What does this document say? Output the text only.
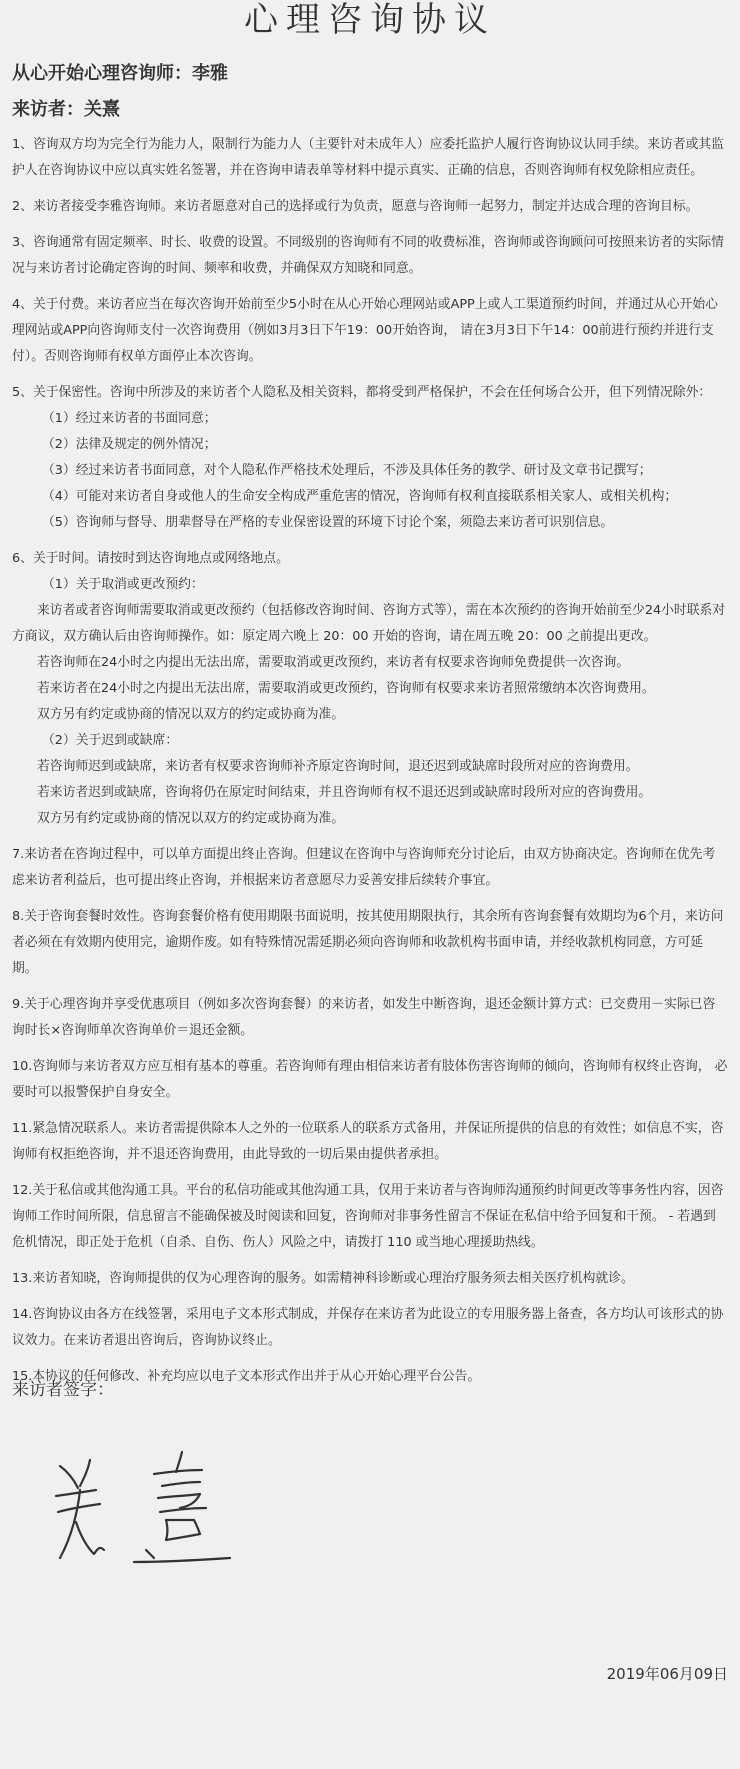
心理咨询协议
从心开始心理咨询师：李雅
来访者：关熹
1、咨询双方均为完全行为能力人，限制行为能力人（主要针对未成年人）应委托监护人履行咨询协议认同手续。来访者或其监护人在咨询协议中应以真实姓名签署，并在咨询申请表单等材料中提示真实、正确的信息，否则咨询师有权免除相应责任。
2、来访者接受李雅咨询师。来访者愿意对自己的选择或行为负责，愿意与咨询师一起努力，制定并达成合理的咨询目标。
3、咨询通常有固定频率、时长、收费的设置。不同级别的咨询师有不同的收费标准，咨询师或咨询顾问可按照来访者的实际情况与来访者讨论确定咨询的时间、频率和收费，并确保双方知晓和同意。
4、关于付费。来访者应当在每次咨询开始前至少5小时在从心开始心理网站或APP上或人工渠道预约时间，并通过从心开始心理网站或APP向咨询师支付一次咨询费用（例如3月3日下午19：00开始咨询， 请在3月3日下午14：00前进行预约并进行支付）。否则咨询师有权单方面停止本次咨询。
5、关于保密性。咨询中所涉及的来访者个人隐私及相关资料，都将受到严格保护，不会在任何场合公开，但下列情况除外：
（1）经过来访者的书面同意；
（2）法律及规定的例外情况；
（3）经过来访者书面同意，对个人隐私作严格技术处理后，不涉及具体任务的教学、研讨及文章书记撰写；
（4）可能对来访者自身或他人的生命安全构成严重危害的情况，咨询师有权利直接联系相关家人、或相关机构；
（5）咨询师与督导、朋辈督导在严格的专业保密设置的环境下讨论个案，须隐去来访者可识别信息。
6、关于时间。请按时到达咨询地点或网络地点。
（1）关于取消或更改预约：
来访者或者咨询师需要取消或更改预约（包括修改咨询时间、咨询方式等），需在本次预约的咨询开始前至少24小时联系对方商议，双方确认后由咨询师操作。如：原定周六晚上 20：00 开始的咨询，请在周五晚 20：00 之前提出更改。
若咨询师在24小时之内提出无法出席，需要取消或更改预约，来访者有权要求咨询师免费提供一次咨询。
若来访者在24小时之内提出无法出席，需要取消或更改预约，咨询师有权要求来访者照常缴纳本次咨询费用。
双方另有约定或协商的情况以双方的约定或协商为准。
（2）关于迟到或缺席：
若咨询师迟到或缺席，来访者有权要求咨询师补齐原定咨询时间，退还迟到或缺席时段所对应的咨询费用。
若来访者迟到或缺席，咨询将仍在原定时间结束，并且咨询师有权不退还迟到或缺席时段所对应的咨询费用。
双方另有约定或协商的情况以双方的约定或协商为准。
7.来访者在咨询过程中，可以单方面提出终止咨询。但建议在咨询中与咨询师充分讨论后，由双方协商决定。咨询师在优先考虑来访者利益后，也可提出终止咨询，并根据来访者意愿尽力妥善安排后续转介事宜。
8.关于咨询套餐时效性。咨询套餐价格有使用期限书面说明，按其使用期限执行，其余所有咨询套餐有效期均为6个月，来访问者必须在有效期内使用完，逾期作废。如有特殊情况需延期必须向咨询师和收款机构书面申请，并经收款机构同意，方可延期。
9.关于心理咨询并享受优惠项目（例如多次咨询套餐）的来访者，如发生中断咨询，退还金额计算方式：已交费用－实际已咨询时长×咨询师单次咨询单价＝退还金额。
10.咨询师与来访者双方应互相有基本的尊重。若咨询师有理由相信来访者有肢体伤害咨询师的倾向，咨询师有权终止咨询， 必要时可以报警保护自身安全。
11.紧急情况联系人。来访者需提供除本人之外的一位联系人的联系方式备用，并保证所提供的信息的有效性；如信息不实，咨询师有权拒绝咨询，并不退还咨询费用，由此导致的一切后果由提供者承担。
12.关于私信或其他沟通工具。平台的私信功能或其他沟通工具，仅用于来访者与咨询师沟通预约时间更改等事务性内容，因咨询师工作时间所限，信息留言不能确保被及时阅读和回复，咨询师对非事务性留言不保证在私信中给予回复和干预。 - 若遇到危机情况，即正处于危机（自杀、自伤、伤人）风险之中，请拨打 110 或当地心理援助热线。
13.来访者知晓，咨询师提供的仅为心理咨询的服务。如需精神科诊断或心理治疗服务须去相关医疗机构就诊。
14.咨询协议由各方在线签署，采用电子文本形式制成，并保存在来访者为此设立的专用服务器上备查，各方均认可该形式的协议效力。在来访者退出咨询后，咨询协议终止。
15.本协议的任何修改、补充均应以电子文本形式作出并于从心开始心理平台公告。
来访者签字：
2019年06月09日
